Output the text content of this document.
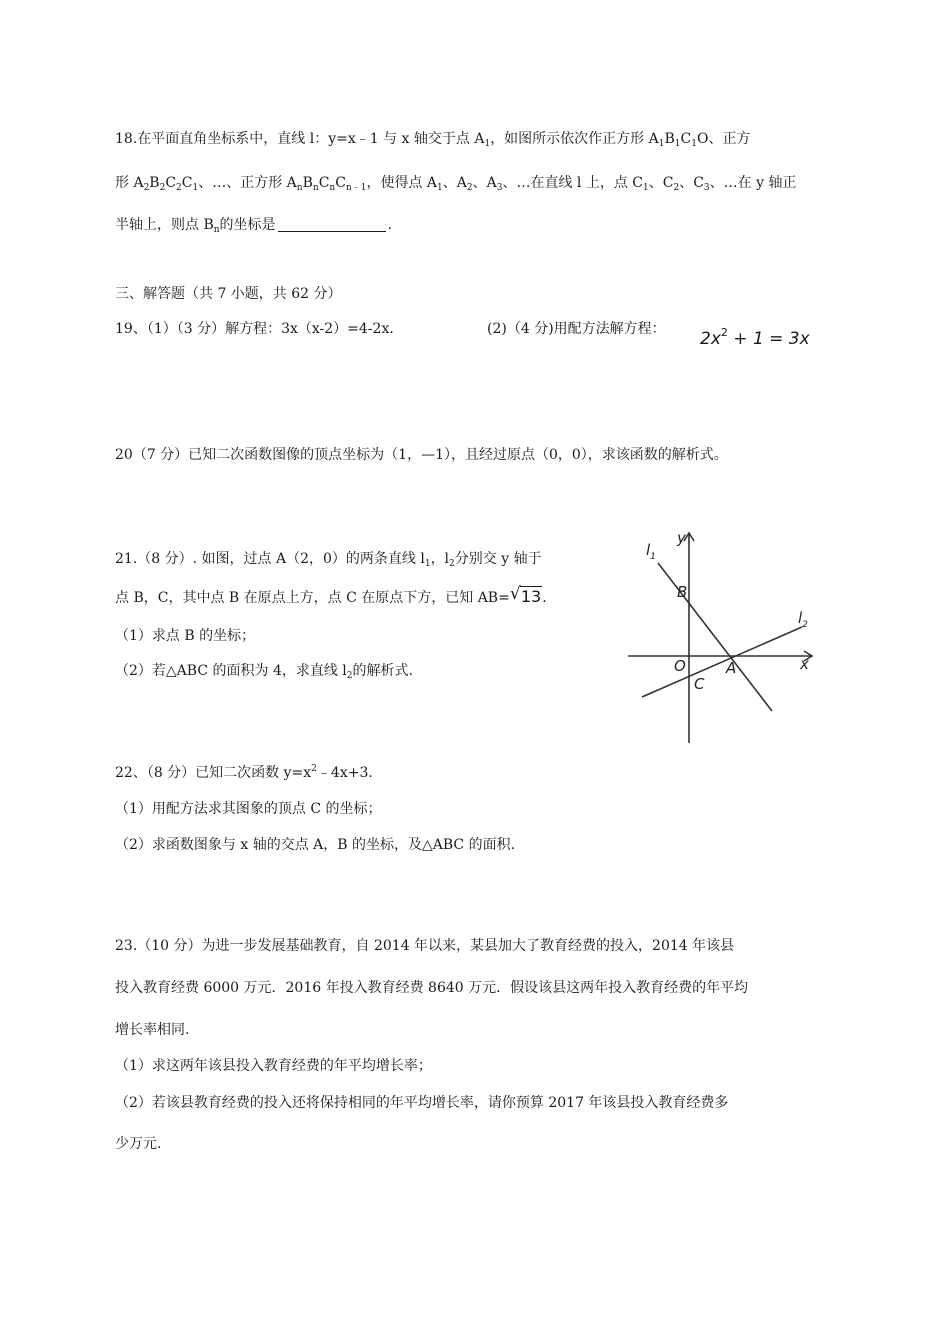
18.在平面直角坐标系中，直线 l：y=x﹣1 与 x 轴交于点 $A_1$，如图所示依次作正方形 $A_1B_1C_1O$、正方
形 $A_2B_2C_2C_1$、…、正方形 $A_nB_nC_nC_{n﹣1}$，使得点 $A_1$、$A_2$、$A_3$、…在直线 l 上，点 $C_1$、$C_2$、$C_3$、…在 y 轴正
半轴上，则点 $B_n$的坐标是	.
三、解答题（共 7 小题，共 62 分）
19、（1）（3 分）解方程：3x（x-2）=4-2x.	(2)（4 分)用配方法解方程： $2x^2 + 1 = 3x$
20（7 分）已知二次函数图像的顶点坐标为（1，—1），且经过原点（0，0），求该函数的解析式。
21.（8 分）. 如图，过点 A（2，0）的两条直线 $l_1$，$l_2$分别交 y 轴于
点 B，C，其中点 B 在原点上方，点 C 在原点下方，已知 AB= √ 13.
（1）求点 B 的坐标；
（2）若△ABC 的面积为 4，求直线 $l_2$的解析式.
$l_1$
y
B
$l_2$
O	A	x
C
22、（8 分）已知二次函数 $y=x^2﹣4x+3$.
（1）用配方法求其图象的顶点 C 的坐标；
（2）求函数图象与 x 轴的交点 A，B 的坐标，及△ABC 的面积.
23.（10 分）为进一步发展基础教育，自 2014 年以来，某县加大了教育经费的投入，2014 年该县
投入教育经费 6000 万元．2016 年投入教育经费 8640 万元．假设该县这两年投入教育经费的年平均
增长率相同.
（1）求这两年该县投入教育经费的年平均增长率；
（2）若该县教育经费的投入还将保持相同的年平均增长率，请你预算 2017 年该县投入教育经费多
少万元.
